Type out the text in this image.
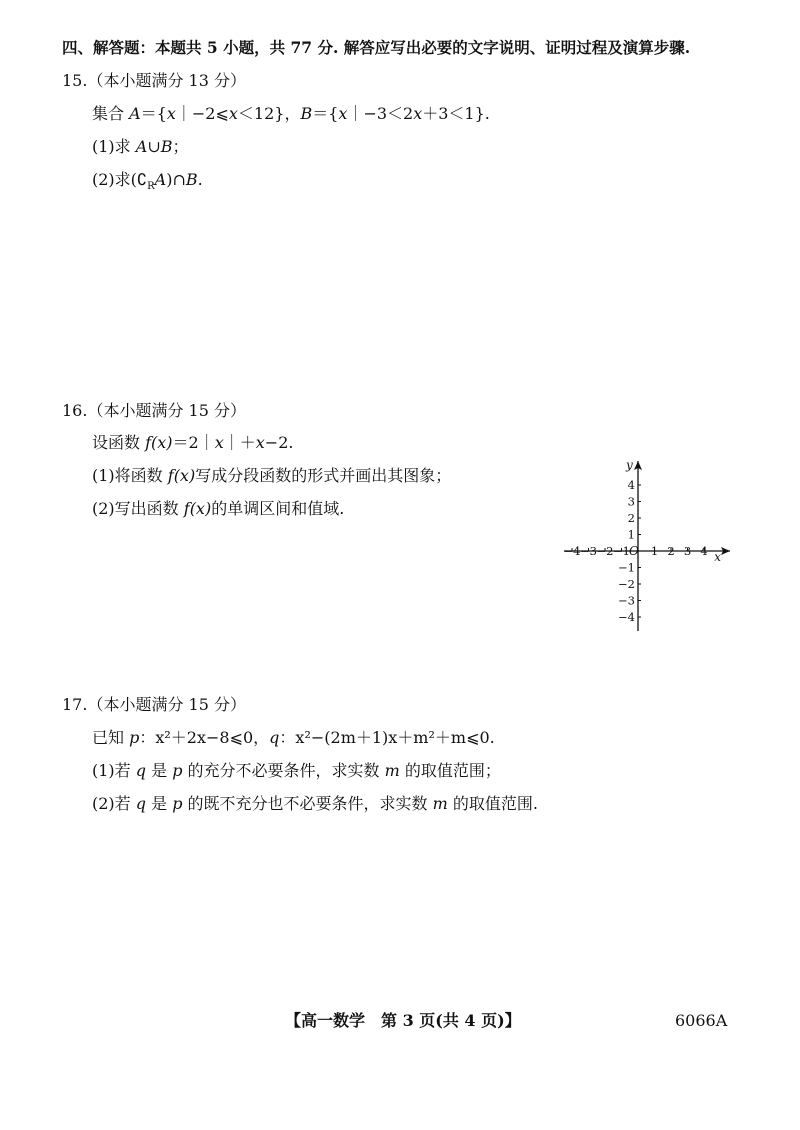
四、解答题：本题共 5 小题，共 77 分. 解答应写出必要的文字说明、证明过程及演算步骤.
15.（本小题满分 13 分）
集合 A＝{x｜−2⩽x＜12}，B＝{x｜−3＜2x＋3＜1}.
(1)求 A∪B；
(2)求$(∁_RA)\cap B$.
16.（本小题满分 15 分）
设函数 f(x)＝2｜x｜＋x−2.
(1)将函数 f(x)写成分段函数的形式并画出其图象；
(2)写出函数 f(x)的单调区间和值域.
−4 −3 −2 −1 1 2 3 4
4
3
2
1
−1
−2
−3
−4
x
y
O
17.（本小题满分 15 分）
已知 p：x²＋2x−8⩽0，q：x²−(2m＋1)x＋m²＋m⩽0.
(1)若 q 是 p 的充分不必要条件，求实数 m 的取值范围；
(2)若 q 是 p 的既不充分也不必要条件，求实数 m 的取值范围.
【高一数学　第 3 页(共 4 页)】	6066A
